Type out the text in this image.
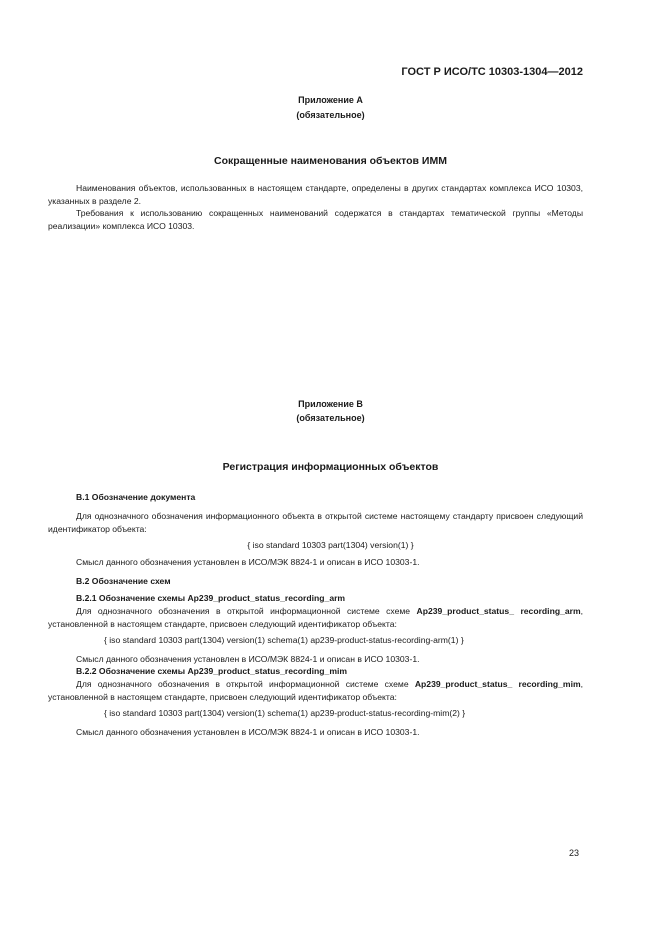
ГОСТ Р ИСО/ТС 10303-1304—2012
Приложение А
(обязательное)
Сокращенные наименования объектов ИММ
Наименования объектов, использованных в настоящем стандарте, определены в других стандартах комплекса ИСО 10303, указанных в разделе 2.
Требования к использованию сокращенных наименований содержатся в стандартах тематической группы «Методы реализации» комплекса ИСО 10303.
Приложение В
(обязательное)
Регистрация информационных объектов
В.1 Обозначение документа
Для однозначного обозначения информационного объекта в открытой системе настоящему стандарту присвоен следующий идентификатор объекта:
{ iso standard 10303 part(1304) version(1) }
Смысл данного обозначения установлен в ИСО/МЭК 8824-1 и описан в ИСО 10303-1.
В.2 Обозначение схем
В.2.1 Обозначение схемы Ap239_product_status_recording_arm
Для однозначного обозначения в открытой информационной системе схеме Ap239_product_status_ recording_arm, установленной в настоящем стандарте, присвоен следующий идентификатор объекта:
{ iso standard 10303 part(1304) version(1) schema(1) ap239-product-status-recording-arm(1) }
Смысл данного обозначения установлен в ИСО/МЭК 8824-1 и описан в ИСО 10303-1.
В.2.2 Обозначение схемы Ap239_product_status_recording_mim
Для однозначного обозначения в открытой информационной системе схеме Ap239_product_status_ recording_mim, установленной в настоящем стандарте, присвоен следующий идентификатор объекта:
{ iso standard 10303 part(1304) version(1) schema(1) ap239-product-status-recording-mim(2) }
Смысл данного обозначения установлен в ИСО/МЭК 8824-1 и описан в ИСО 10303-1.
23
